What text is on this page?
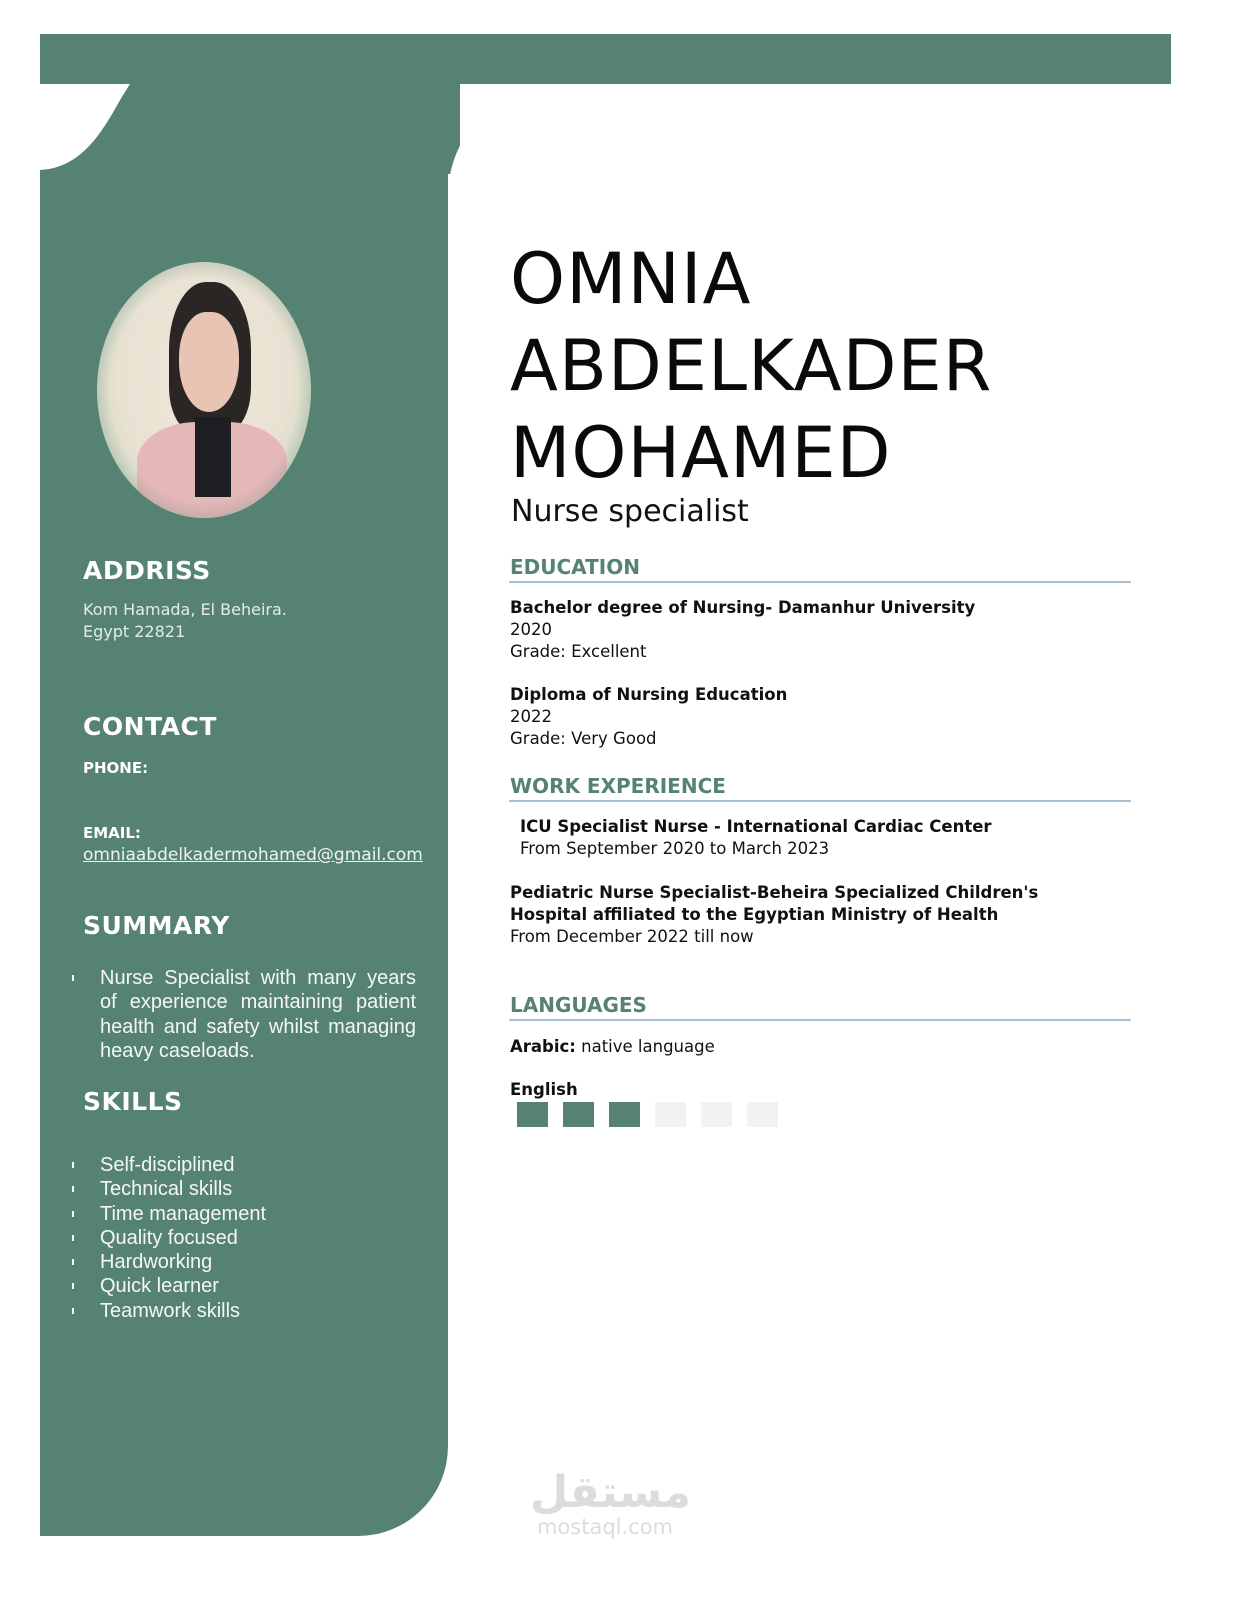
ADDRISS
Kom Hamada, El Beheira.
Egypt 22821
CONTACT
PHONE:
EMAIL:
omniaabdelkadermohamed@gmail.com
SUMMARY
Nurse Specialist with many years of experience maintaining patient health and safety whilst managing heavy caseloads.
SKILLS
Self-disciplined
Technical skills
Time management
Quality focused
Hardworking
Quick learner
Teamwork skills
OMNIA
ABDELKADER
MOHAMED
Nurse specialist
EDUCATION
Bachelor degree of Nursing- Damanhur University
2020
Grade: Excellent
Diploma of Nursing Education
2022
Grade: Very Good
WORK EXPERIENCE
ICU Specialist Nurse - International Cardiac Center
From September 2020 to March 2023
Pediatric Nurse Specialist-Beheira Specialized Children's Hospital affiliated to the Egyptian Ministry of Health
From December 2022 till now
LANGUAGES
Arabic: native language
English
مستقل
mostaql.com
